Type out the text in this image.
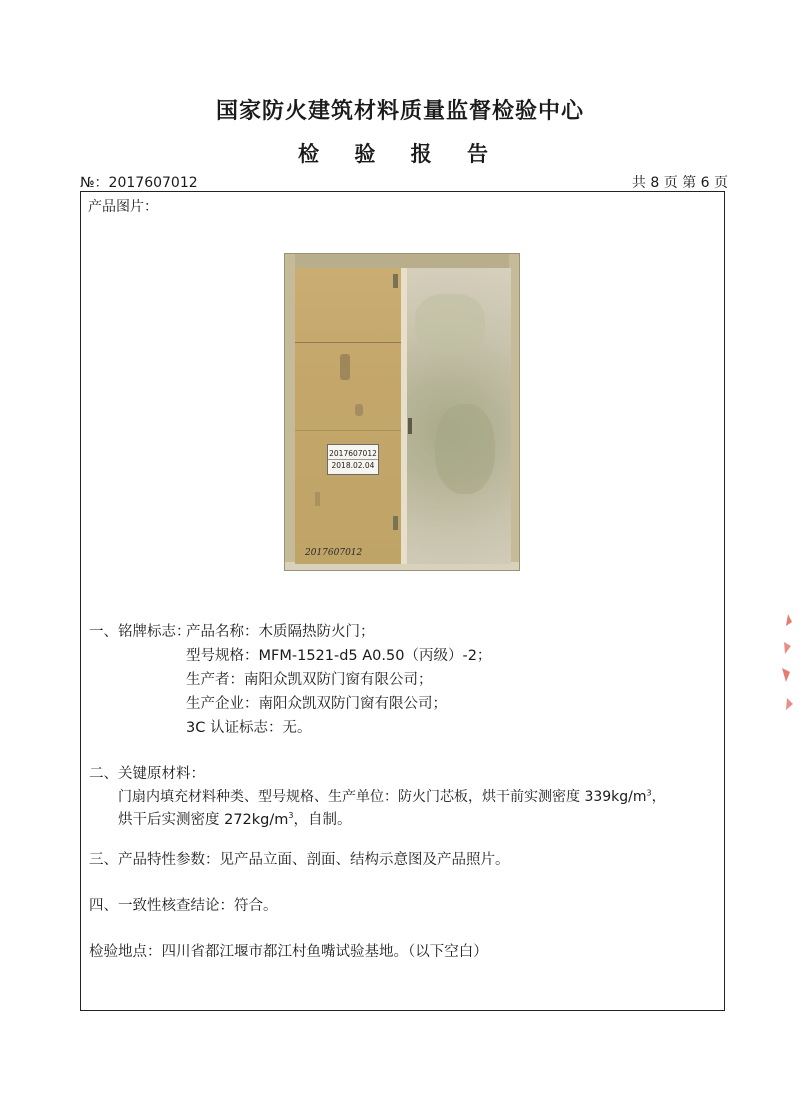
国家防火建筑材料质量监督检验中心
检 验 报 告
№：2017607012	共 8 页 第 6 页
产品图片：
2017607012
2018.02.04
2017607012
一、铭牌标志：
产品名称：木质隔热防火门；
型号规格：MFM-1521-d5 A0.50（丙级）-2；
生产者：南阳众凯双防门窗有限公司；
生产企业：南阳众凯双防门窗有限公司；
3C 认证标志：无。
二、关键原材料：
门扇内填充材料种类、型号规格、生产单位：防火门芯板，烘干前实测密度 $339kg/m^3$，
烘干后实测密度 $272kg/m^3$，自制。
三、产品特性参数：见产品立面、剖面、结构示意图及产品照片。
四、一致性核查结论：符合。
检验地点：四川省都江堰市都江村鱼嘴试验基地。（以下空白）
